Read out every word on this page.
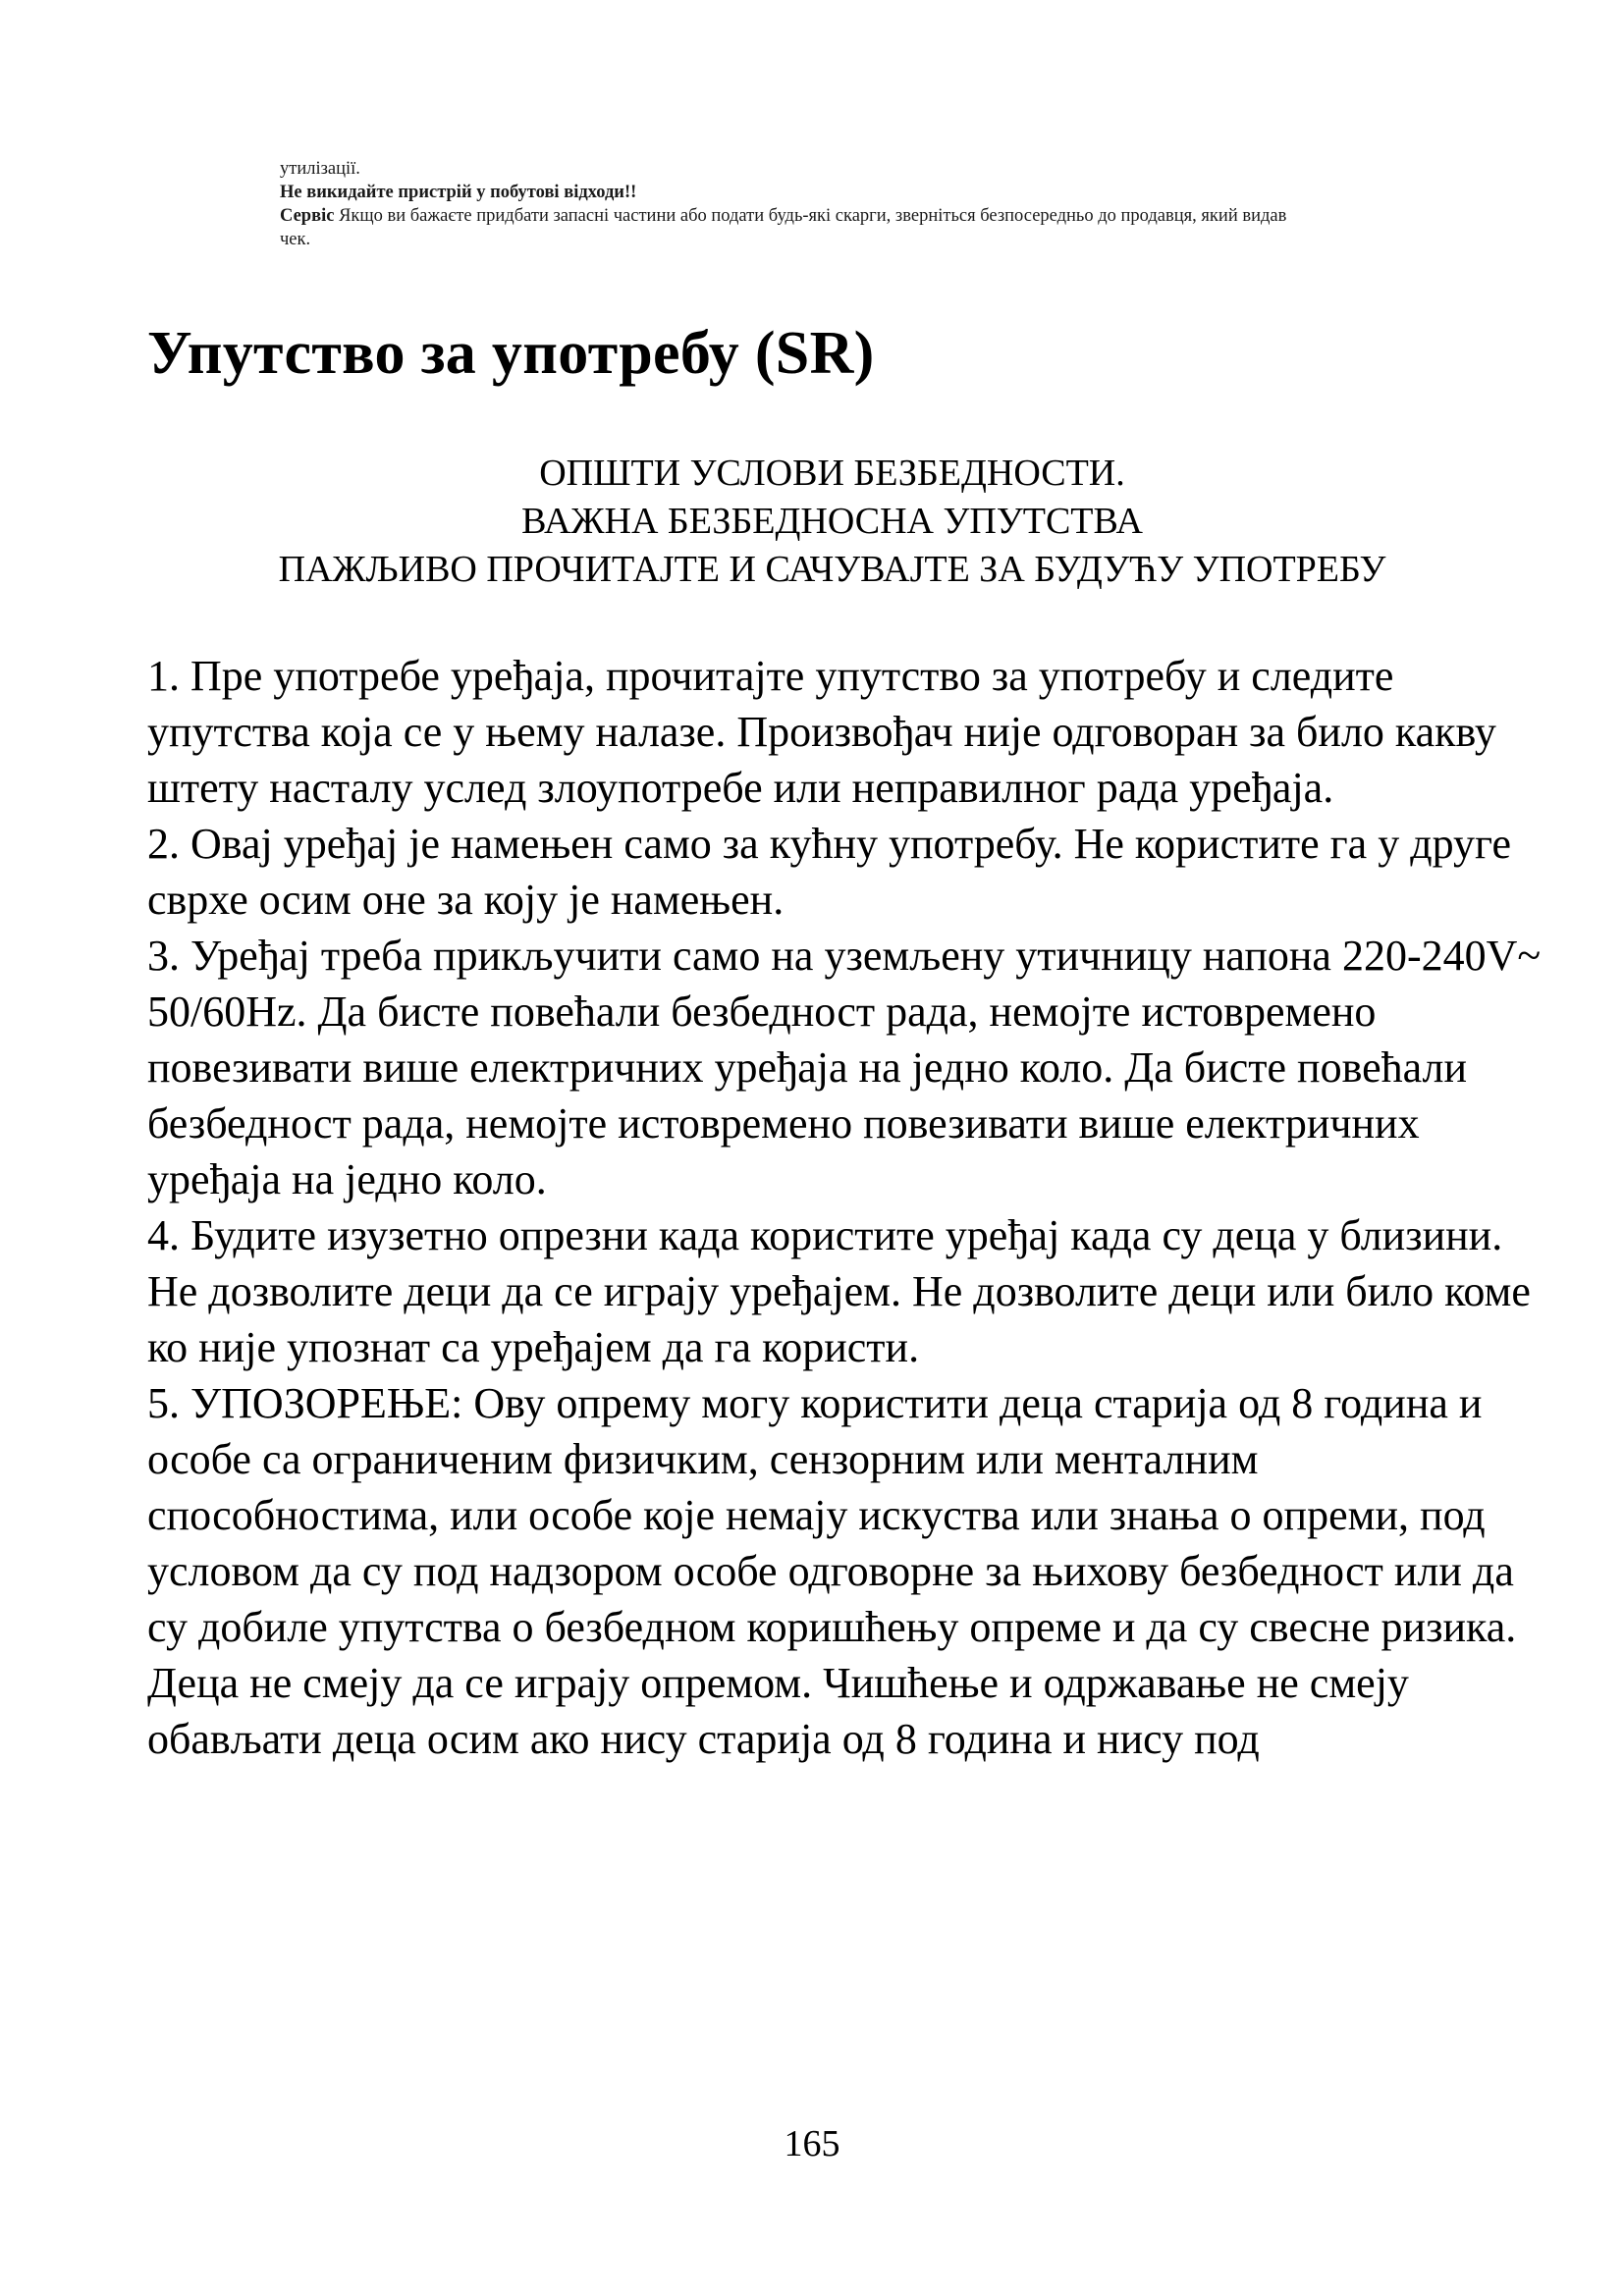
утилізації.
Не викидайте пристрій у побутові відходи!!
Сервіс Якщо ви бажаєте придбати запасні частини або подати будь-які скарги, зверніться безпосередньо до продавця, який видав
чек.
Упутство за употребу (SR)
ОПШТИ УСЛОВИ БЕЗБЕДНОСТИ.
ВАЖНА БЕЗБЕДНОСНА УПУТСТВА
ПАЖЉИВО ПРОЧИТАЈТЕ И САЧУВАЈТЕ ЗА БУДУЋУ УПОТРЕБУ

1. Пре употребе уређаја, прочитајте упутство за употребу и следите упутства која се у њему налазе. Произвођач није одговоран за било какву штету насталу услед злоупотребе или неправилног рада уређаја.

2. Овај уређај је намењен само за кућну употребу. Не користите га у друге сврхе осим оне за коју је намењен.

3. Уређај треба прикључити само на уземљену утичницу напона 220-240V~ 50/60Hz. Да бисте повећали безбедност рада, немојте истовремено повезивати више електричних уређаја на једно коло. Да бисте повећали безбедност рада, немојте истовремено повезивати више електричних уређаја на једно коло.

4. Будите изузетно опрезни када користите уређај када су деца у близини. Не дозволите деци да се играју уређајем. Не дозволите деци или било коме ко није упознат са уређајем да га користи.

5. УПОЗОРЕЊЕ: Ову опрему могу користити деца старија од 8 година и особе са ограниченим физичким, сензорним или менталним способностима, или особе које немају искуства или знања о опреми, под условом да су под надзором особе одговорне за њихову безбедност или да су добиле упутства о безбедном коришћењу опреме и да су свесне ризика. Деца не смеју да се играју опремом. Чишћење и одржавање не смеју обављати деца осим ако нису старија од 8 година и нису под

165
